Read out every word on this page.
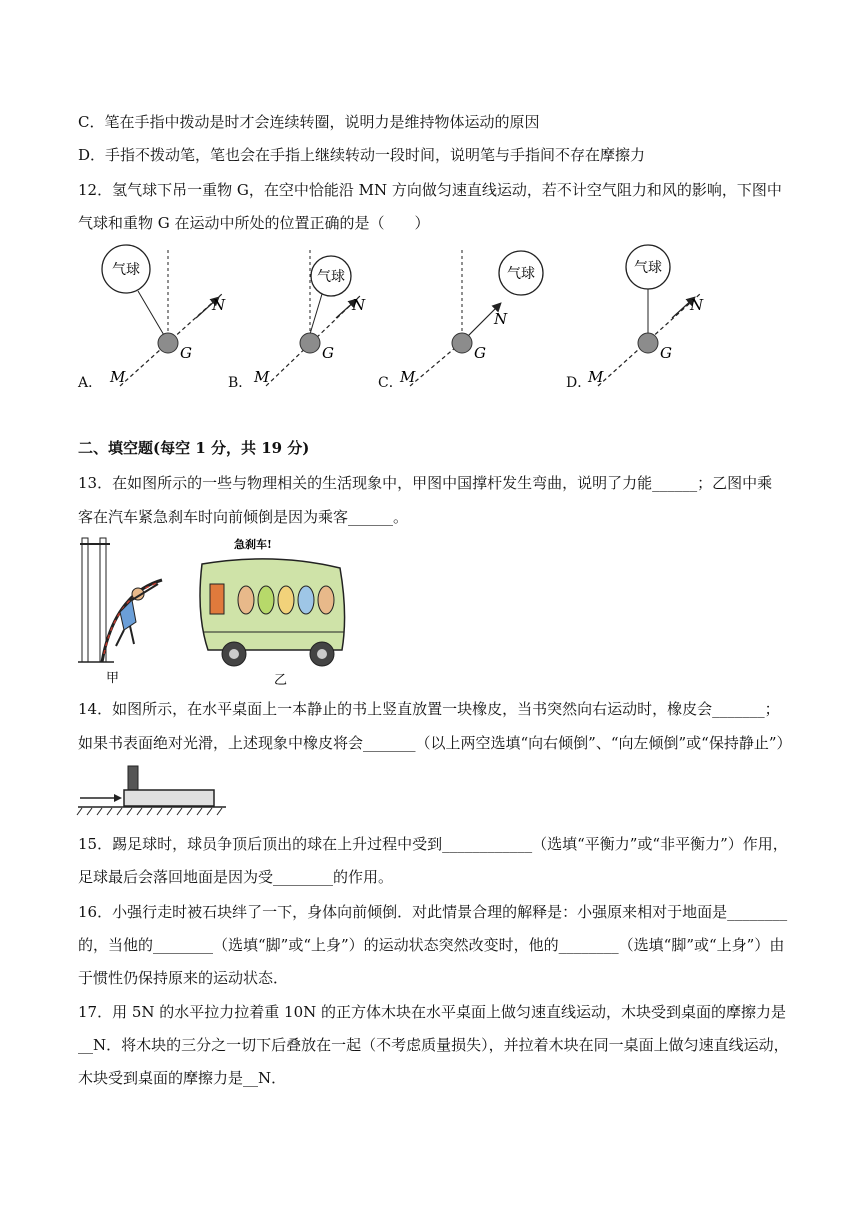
C．笔在手指中拨动是时才会连续转圈，说明力是维持物体运动的原因
D．手指不拨动笔，笔也会在手指上继续转动一段时间，说明笔与手指间不存在摩擦力
12．氢气球下吊一重物 G，在空中恰能沿 MN 方向做匀速直线运动，若不计空气阻力和风的影响，下图中
气球和重物 G 在运动中所处的位置正确的是（　　）
气球
G
N
M
气球
G
N
M
气球
G
N
M
气球
G
N
M
A．	B．	C．	D．
二、填空题(每空 1 分，共 19 分)
13．在如图所示的一些与物理相关的生活现象中，甲图中国撑杆发生弯曲，说明了力能______；乙图中乘
客在汽车紧急刹车时向前倾倒是因为乘客______。
甲
急刹车!
乙
14．如图所示，在水平桌面上一本静止的书上竖直放置一块橡皮，当书突然向右运动时，橡皮会_______；
如果书表面绝对光滑，上述现象中橡皮将会_______（以上两空选填“向右倾倒”、“向左倾倒”或“保持静止”）
15．踢足球时，球员争顶后顶出的球在上升过程中受到____________（选填“平衡力”或“非平衡力”）作用，
足球最后会落回地面是因为受________的作用。
16．小强行走时被石块绊了一下，身体向前倾倒．对此情景合理的解释是：小强原来相对于地面是________
的，当他的________（选填“脚”或“上身”）的运动状态突然改变时，他的________（选填“脚”或“上身”）由
于惯性仍保持原来的运动状态．
17．用 5N 的水平拉力拉着重 10N 的正方体木块在水平桌面上做匀速直线运动，木块受到桌面的摩擦力是
__N．将木块的三分之一切下后叠放在一起（不考虑质量损失），并拉着木块在同一桌面上做匀速直线运动，
木块受到桌面的摩擦力是__N．
